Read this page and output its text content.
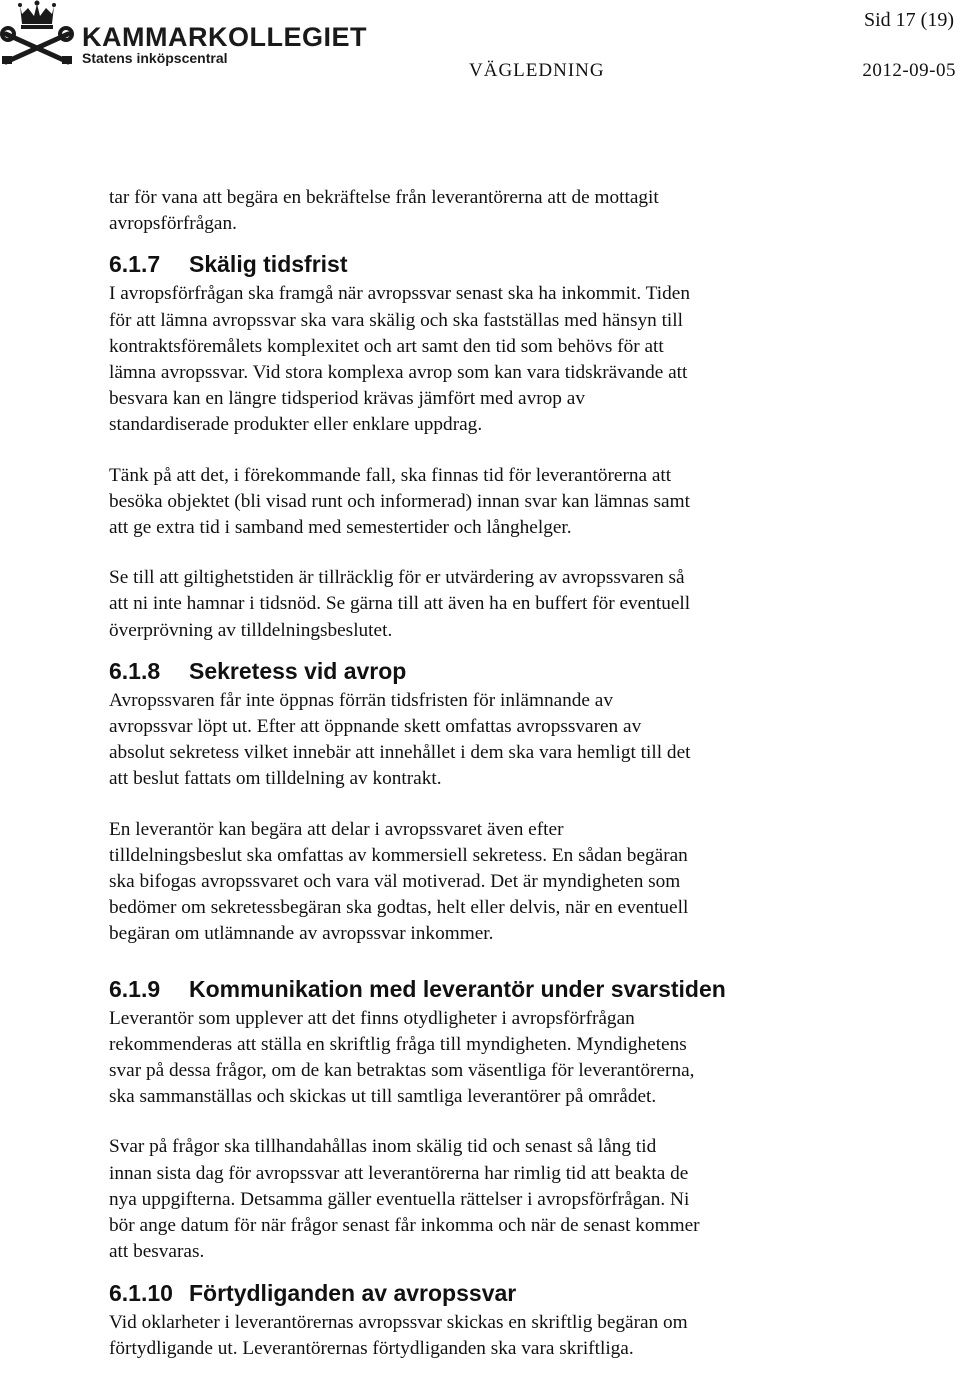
KAMMARKOLLEGIET
Statens inköpscentral
Sid 17 (19)
VÄGLEDNING	2012-09-05

tar för vana att begära en bekräftelse från leverantörerna att de mottagit
avropsförfrågan.

6.1.7 Skälig tidsfrist

I avropsförfrågan ska framgå när avropssvar senast ska ha inkommit. Tiden
för att lämna avropssvar ska vara skälig och ska fastställas med hänsyn till
kontraktsföremålets komplexitet och art samt den tid som behövs för att
lämna avropssvar. Vid stora komplexa avrop som kan vara tidskrävande att
besvara kan en längre tidsperiod krävas jämfört med avrop av
standardiserade produkter eller enklare uppdrag.

Tänk på att det, i förekommande fall, ska finnas tid för leverantörerna att
besöka objektet (bli visad runt och informerad) innan svar kan lämnas samt
att ge extra tid i samband med semestertider och långhelger.

Se till att giltighetstiden är tillräcklig för er utvärdering av avropssvaren så
att ni inte hamnar i tidsnöd. Se gärna till att även ha en buffert för eventuell
överprövning av tilldelningsbeslutet.

6.1.8 Sekretess vid avrop

Avropssvaren får inte öppnas förrän tidsfristen för inlämnande av
avropssvar löpt ut. Efter att öppnande skett omfattas avropssvaren av
absolut sekretess vilket innebär att innehållet i dem ska vara hemligt till det
att beslut fattats om tilldelning av kontrakt.

En leverantör kan begära att delar i avropssvaret även efter
tilldelningsbeslut ska omfattas av kommersiell sekretess. En sådan begäran
ska bifogas avropssvaret och vara väl motiverad. Det är myndigheten som
bedömer om sekretessbegäran ska godtas, helt eller delvis, när en eventuell
begäran om utlämnande av avropssvar inkommer.

6.1.9 Kommunikation med leverantör under svarstiden

Leverantör som upplever att det finns otydligheter i avropsförfrågan
rekommenderas att ställa en skriftlig fråga till myndigheten. Myndighetens
svar på dessa frågor, om de kan betraktas som väsentliga för leverantörerna,
ska sammanställas och skickas ut till samtliga leverantörer på området.

Svar på frågor ska tillhandahållas inom skälig tid och senast så lång tid
innan sista dag för avropssvar att leverantörerna har rimlig tid att beakta de
nya uppgifterna. Detsamma gäller eventuella rättelser i avropsförfrågan. Ni
bör ange datum för när frågor senast får inkomma och när de senast kommer
att besvaras.

6.1.10 Förtydliganden av avropssvar

Vid oklarheter i leverantörernas avropssvar skickas en skriftlig begäran om
förtydligande ut. Leverantörernas förtydliganden ska vara skriftliga.
